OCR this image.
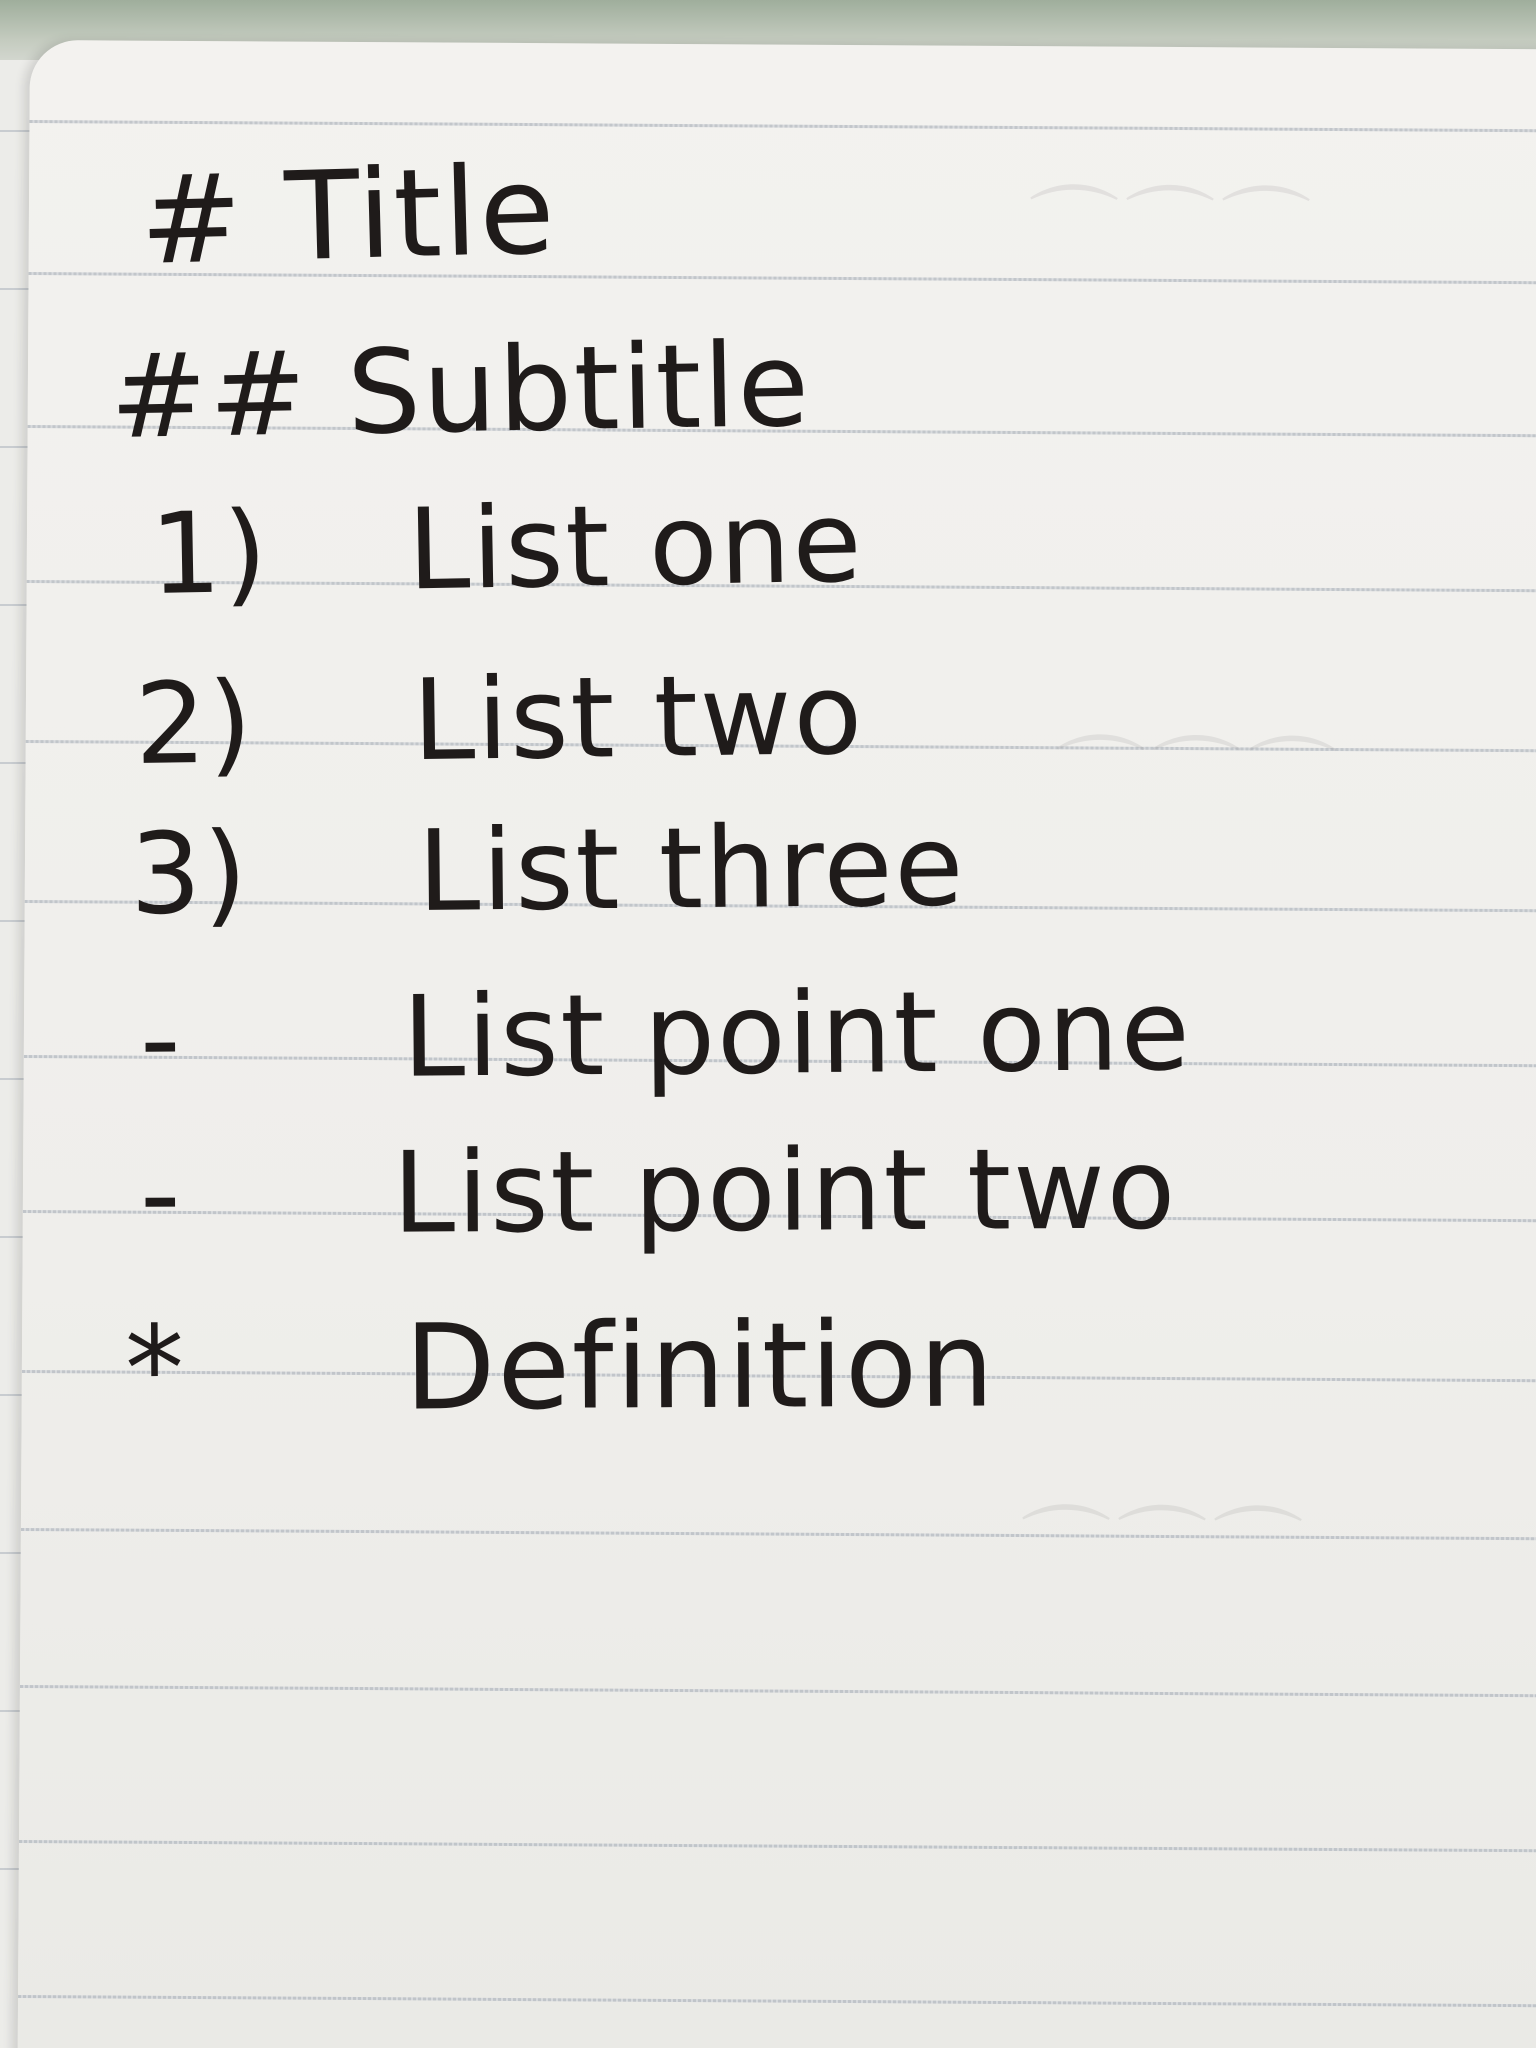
⌒⌒⌒
⌒⌒⌒
⌒⌒⌒
# Title
## Subtitle
1) List one
2) List two
3) List three
- List point one
- List point two
* Definition
